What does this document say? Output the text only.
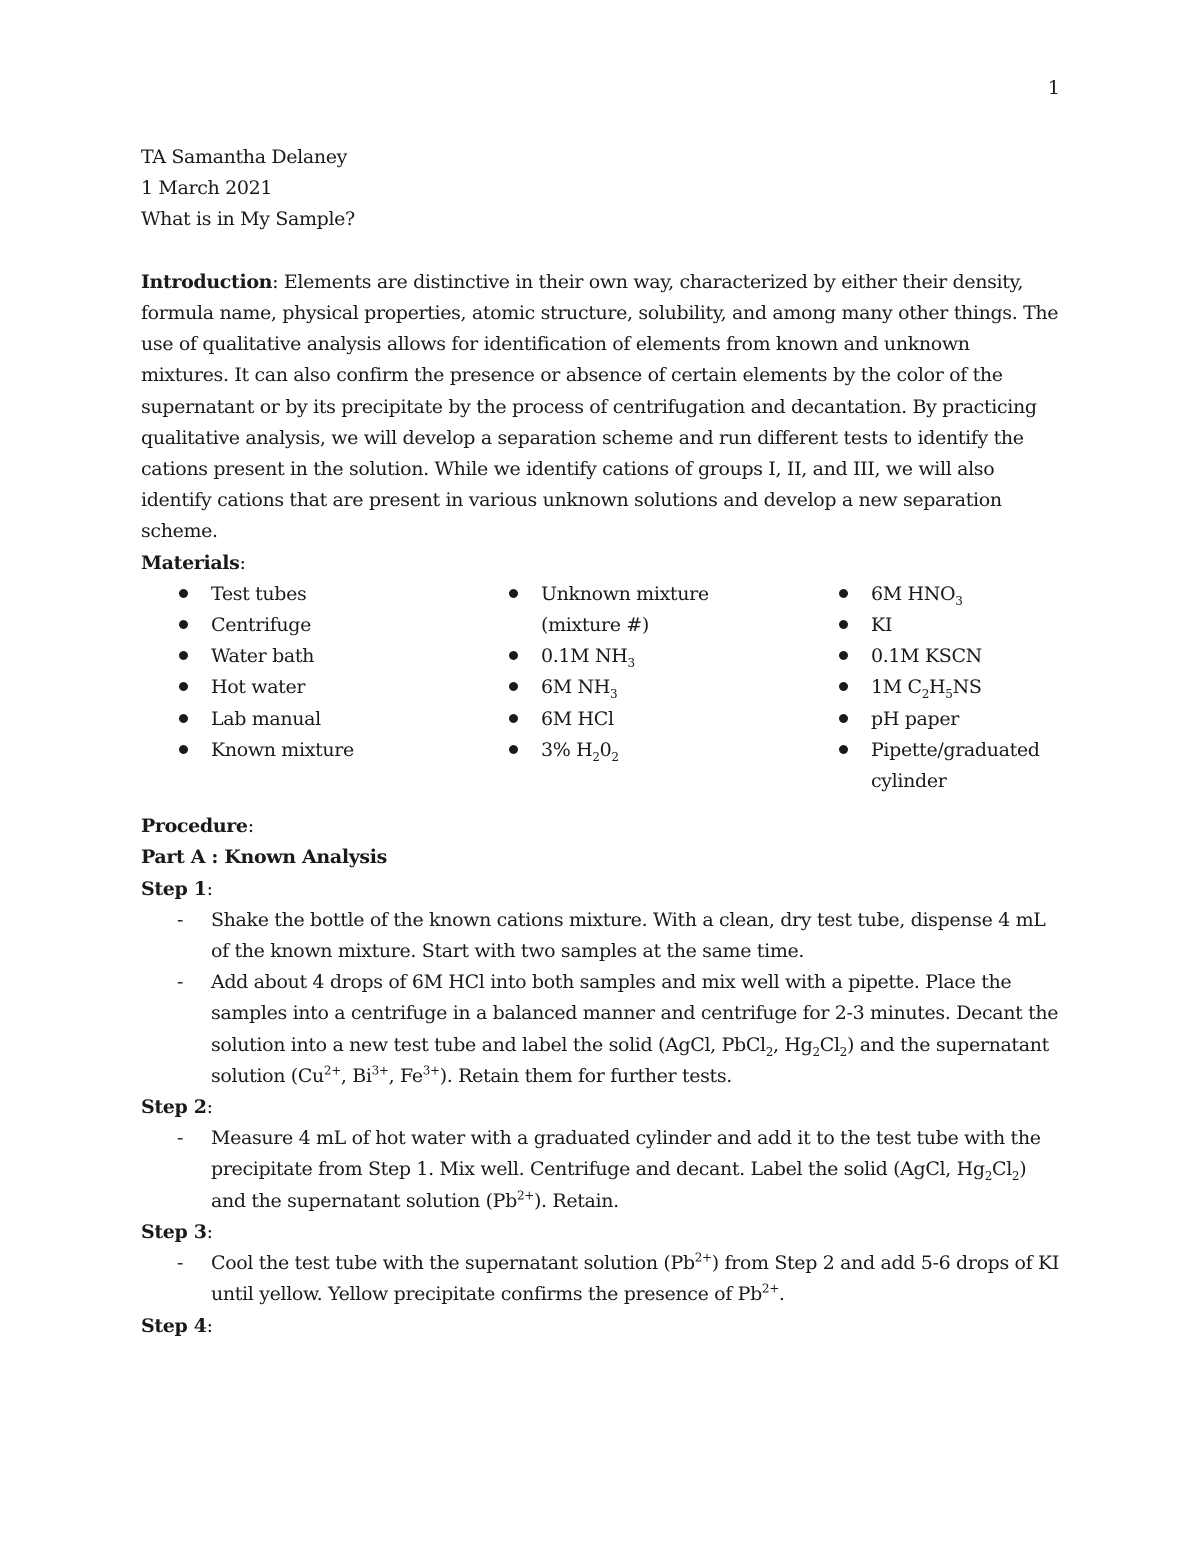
1

TA Samantha Delaney

1 March 2021

What is in My Sample?

Introduction: Elements are distinctive in their own way, characterized by either their density, formula name, physical properties, atomic structure, solubility, and among many other things. The use of qualitative analysis allows for identification of elements from known and unknown mixtures. It can also confirm the presence or absence of certain elements by the color of the supernatant or by its precipitate by the process of centrifugation and decantation. By practicing qualitative analysis, we will develop a separation scheme and run different tests to identify the cations present in the solution. While we identify cations of groups I, II, and III, we will also identify cations that are present in various unknown solutions and develop a new separation scheme.

Materials:

Test tubes
Centrifuge
Water bath
Hot water
Lab manual
Known mixture
Unknown mixture
(mixture #)
0.1M $NH_3$
6M $NH_3$
6M HCl
3% $H_20_2$
6M $HNO_3$
KI
0.1M KSCN
1M $C_2H_5NS$
pH paper
Pipette/graduated cylinder

Procedure:

Part A : Known Analysis

Step 1:

- Shake the bottle of the known cations mixture. With a clean, dry test tube, dispense 4 mL of the known mixture. Start with two samples at the same time.
- Add about 4 drops of 6M HCl into both samples and mix well with a pipette. Place the samples into a centrifuge in a balanced manner and centrifuge for 2-3 minutes. Decant the solution into a new test tube and label the solid (AgCl, PbCl$_2$, $Hg_2Cl_2$) and the supernatant solution ($Cu^{2+}$, $Bi^{3+}$, $Fe^{3+}$). Retain them for further tests.

Step 2:

- Measure 4 mL of hot water with a graduated cylinder and add it to the test tube with the precipitate from Step 1. Mix well. Centrifuge and decant. Label the solid (AgCl, $Hg_2Cl_2$) and the supernatant solution $(Pb^{2+})$. Retain.

Step 3:

- Cool the test tube with the supernatant solution $(Pb^{2+})$ from Step 2 and add 5-6 drops of KI until yellow. Yellow precipitate confirms the presence of $Pb^{2+}$.

Step 4:
